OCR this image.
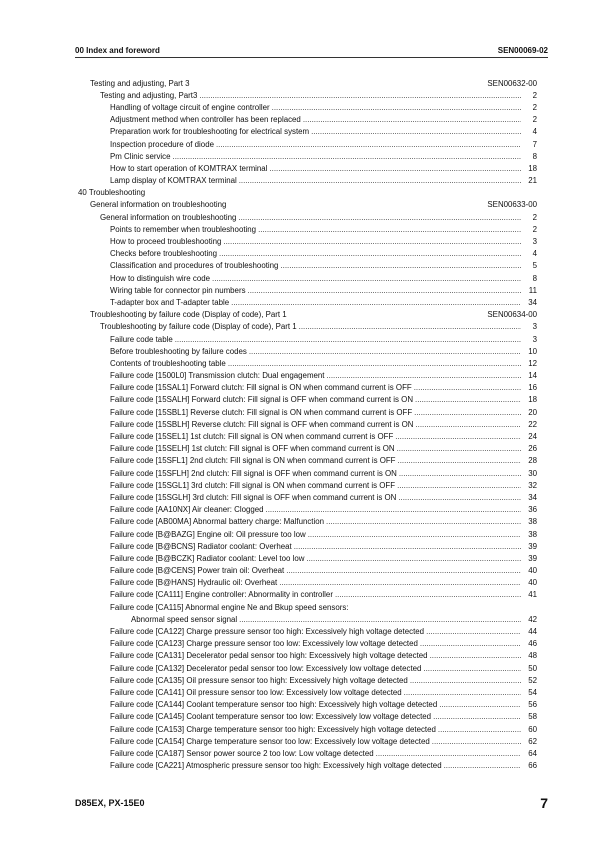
00 Index and foreword	SEN00069-02
Testing and adjusting, Part 3	SEN00632-00
Testing and adjusting, Part3 .....	2
Handling of voltage circuit of engine controller .....	2
Adjustment method when controller has been replaced .....	2
Preparation work for troubleshooting for electrical system .....	4
Inspection procedure of diode .....	7
Pm Clinic service .....	8
How to start operation of KOMTRAX terminal .....	18
Lamp display of KOMTRAX terminal .....	21
40 Troubleshooting
General information on troubleshooting	SEN00633-00
General information on troubleshooting .....	2
Points to remember when troubleshooting .....	2
How to proceed troubleshooting .....	3
Checks before troubleshooting .....	4
Classification and procedures of troubleshooting .....	5
How to distinguish wire code .....	8
Wiring table for connector pin numbers .....	11
T-adapter box and T-adapter table .....	34
Troubleshooting by failure code (Display of code), Part 1	SEN00634-00
Troubleshooting by failure code (Display of code), Part 1 .....	3
Failure code table .....	3
Before troubleshooting by failure codes .....	10
Contents of troubleshooting table .....	12
Failure code [1500L0] Transmission clutch: Dual engagement .....	14
Failure code [15SAL1] Forward clutch: Fill signal is ON when command current is OFF .....	16
Failure code [15SALH] Forward clutch: Fill signal is OFF when command current is ON .....	18
Failure code [15SBL1] Reverse clutch: Fill signal is ON when command current is OFF .....	20
Failure code [15SBLH] Reverse clutch: Fill signal is OFF when command current is ON .....	22
Failure code [15SEL1] 1st clutch: Fill signal is ON when command current is OFF .....	24
Failure code [15SELH] 1st clutch: Fill signal is OFF when command current is ON .....	26
Failure code [15SFL1] 2nd clutch: Fill signal is ON when command current is OFF .....	28
Failure code [15SFLH] 2nd clutch: Fill signal is OFF when command current is ON .....	30
Failure code [15SGL1] 3rd clutch: Fill signal is ON when command current is OFF .....	32
Failure code [15SGLH] 3rd clutch: Fill signal is OFF when command current is ON .....	34
Failure code [AA10NX] Air cleaner: Clogged .....	36
Failure code [AB00MA] Abnormal battery charge: Malfunction .....	38
Failure code [B@BAZG] Engine oil: Oil pressure too low .....	38
Failure code [B@BCNS] Radiator coolant: Overheat .....	39
Failure code [B@BCZK] Radiator coolant: Level too low .....	39
Failure code [B@CENS] Power train oil: Overheat .....	40
Failure code [B@HANS] Hydraulic oil: Overheat .....	40
Failure code [CA111] Engine controller: Abnormality in controller .....	41
Failure code [CA115] Abnormal engine Ne and Bkup speed sensors:
Abnormal speed sensor signal .....	42
Failure code [CA122] Charge pressure sensor too high: Excessively high voltage detected .....	44
Failure code [CA123] Charge pressure sensor too low: Excessively low voltage detected .....	46
Failure code [CA131] Decelerator pedal sensor too high: Excessively high voltage detected .....	48
Failure code [CA132] Decelerator pedal sensor too low: Excessively low voltage detected .....	50
Failure code [CA135] Oil pressure sensor too high: Excessively high voltage detected .....	52
Failure code [CA141] Oil pressure sensor too low: Excessively low voltage detected .....	54
Failure code [CA144] Coolant temperature sensor too high: Excessively high voltage detected .....	56
Failure code [CA145] Coolant temperature sensor too low: Excessively low voltage detected .....	58
Failure code [CA153] Charge temperature sensor too high: Excessively high voltage detected .....	60
Failure code [CA154] Charge temperature sensor too low: Excessively low voltage detected .....	62
Failure code [CA187] Sensor power source 2 too low: Low voltage detected .....	64
Failure code [CA221] Atmospheric pressure sensor too high: Excessively high voltage detected .....	66
D85EX, PX-15E0	7
